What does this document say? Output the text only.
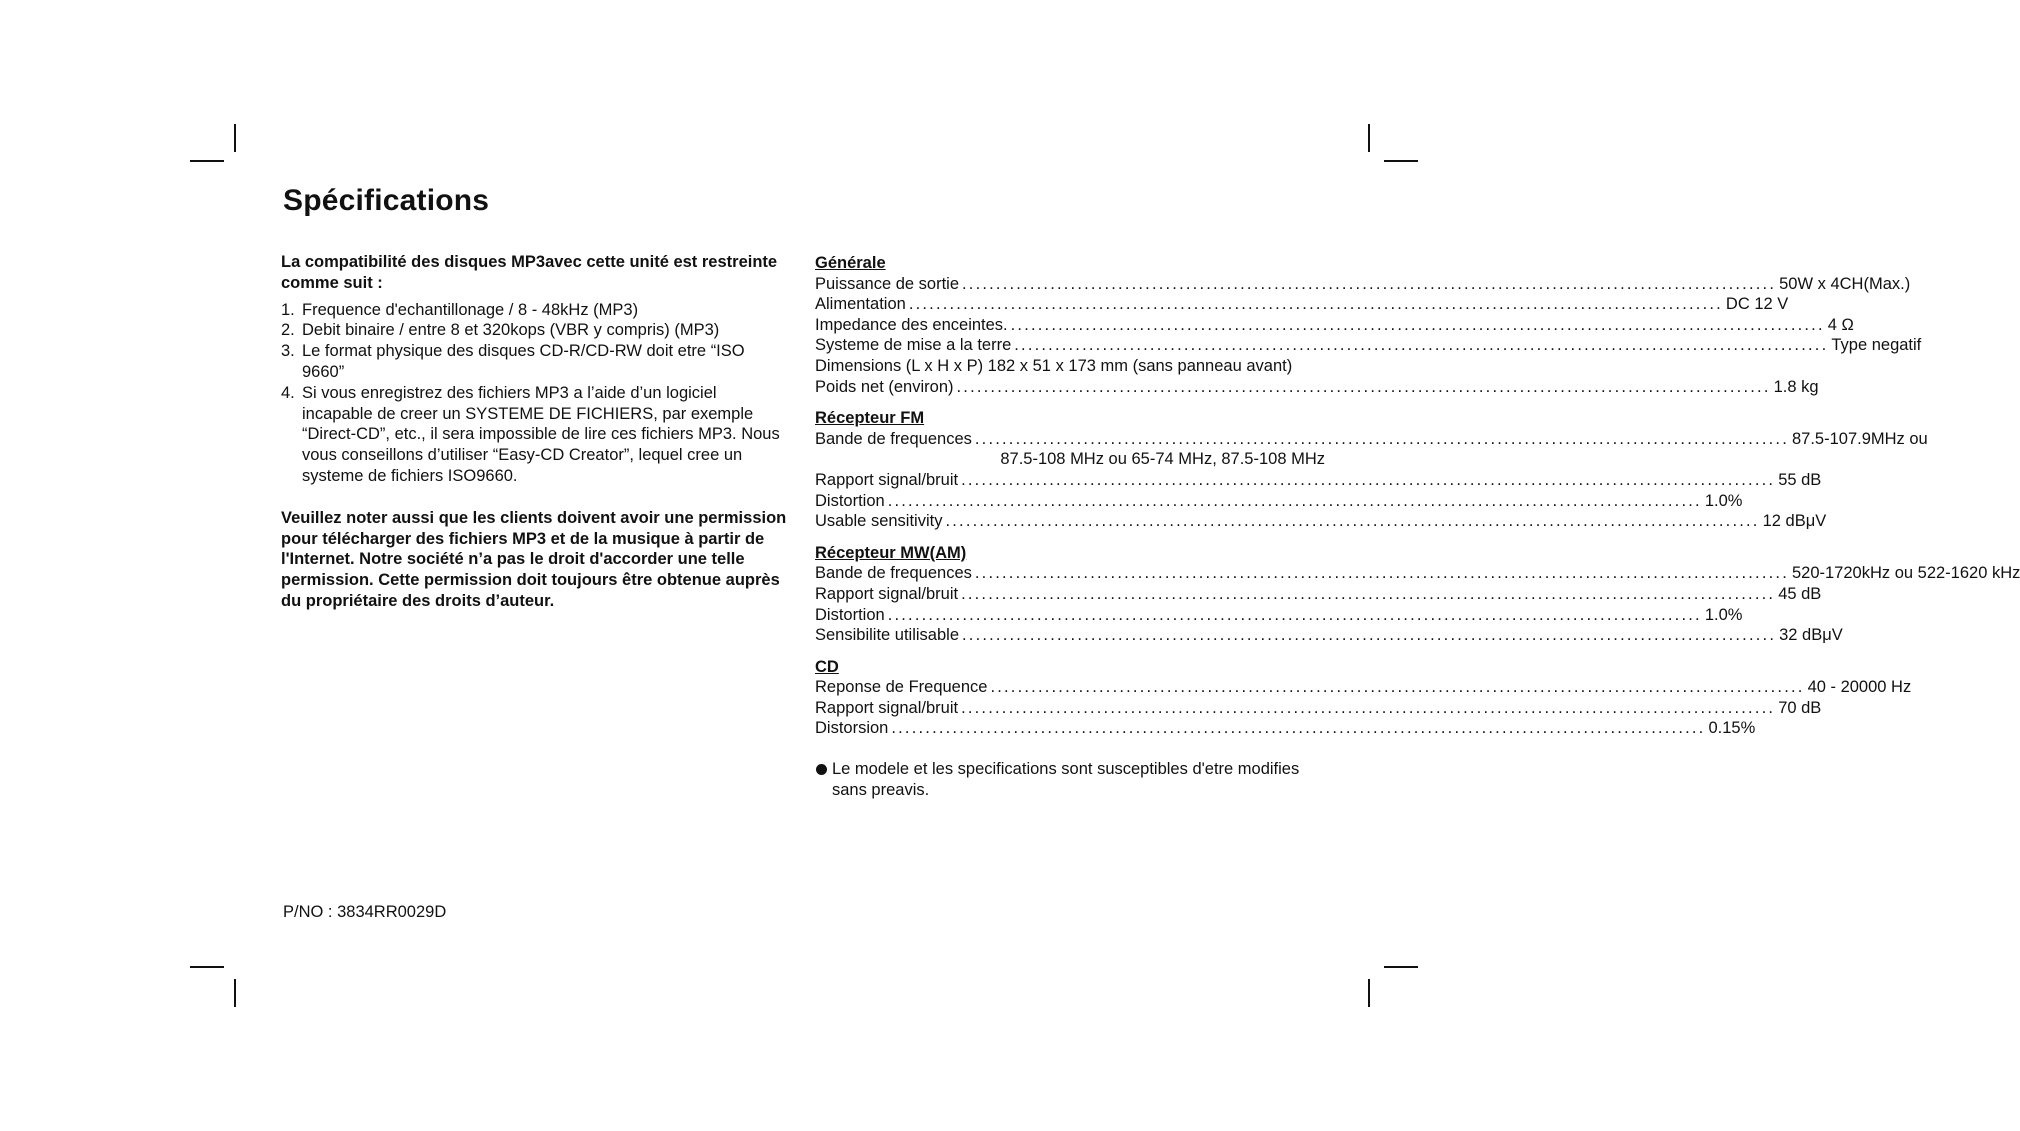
Spécifications

La compatibilité des disques MP3avec cette unité est restreinte comme suit :

1. Frequence d'echantillonage / 8 - 48kHz (MP3)
2. Debit binaire / entre 8 et 320kops (VBR y compris) (MP3)
3. Le format physique des disques CD-R/CD-RW doit etre “ISO 9660”
4. Si vous enregistrez des fichiers MP3 a l’aide d’un logiciel incapable de creer un SYSTEME DE FICHIERS, par exemple “Direct-CD”, etc., il sera impossible de lire ces fichiers MP3. Nous vous conseillons d’utiliser “Easy-CD Creator”, lequel cree un systeme de fichiers ISO9660.

Veuillez noter aussi que les clients doivent avoir une permission pour télécharger des fichiers MP3 et de la musique à partir de l'Internet. Notre société n’a pas le droit d'accorder une telle permission. Cette permission doit toujours être obtenue auprès du propriétaire des droits d’auteur.

Générale
Puissance de sortie ........................................................................................................................ 50W x 4CH(Max.)
Alimentation ........................................................................................................................ DC 12 V
Impedance des enceintes. ........................................................................................................................ 4 Ω
Systeme de mise a la terre ........................................................................................................................ Type negatif
Dimensions (L x H x P) 182 x 51 x 173 mm (sans panneau avant)
Poids net (environ) ........................................................................................................................ 1.8 kg
Récepteur FM
Bande de frequences ........................................................................................................................ 87.5-107.9MHz ou
87.5-108 MHz ou 65-74 MHz, 87.5-108 MHz
Rapport signal/bruit ........................................................................................................................ 55 dB
Distortion ........................................................................................................................ 1.0%
Usable sensitivity ........................................................................................................................ 12 dBμV
Récepteur MW(AM)
Bande de frequences ........................................................................................................................ 520-1720kHz ou 522-1620 kHz
Rapport signal/bruit ........................................................................................................................ 45 dB
Distortion ........................................................................................................................ 1.0%
Sensibilite utilisable ........................................................................................................................ 32 dBμV
CD
Reponse de Frequence ........................................................................................................................ 40 - 20000 Hz
Rapport signal/bruit ........................................................................................................................ 70 dB
Distorsion ........................................................................................................................ 0.15%
Le modele et les specifications sont susceptibles d'etre modifies sans preavis.
P/NO : 3834RR0029D
